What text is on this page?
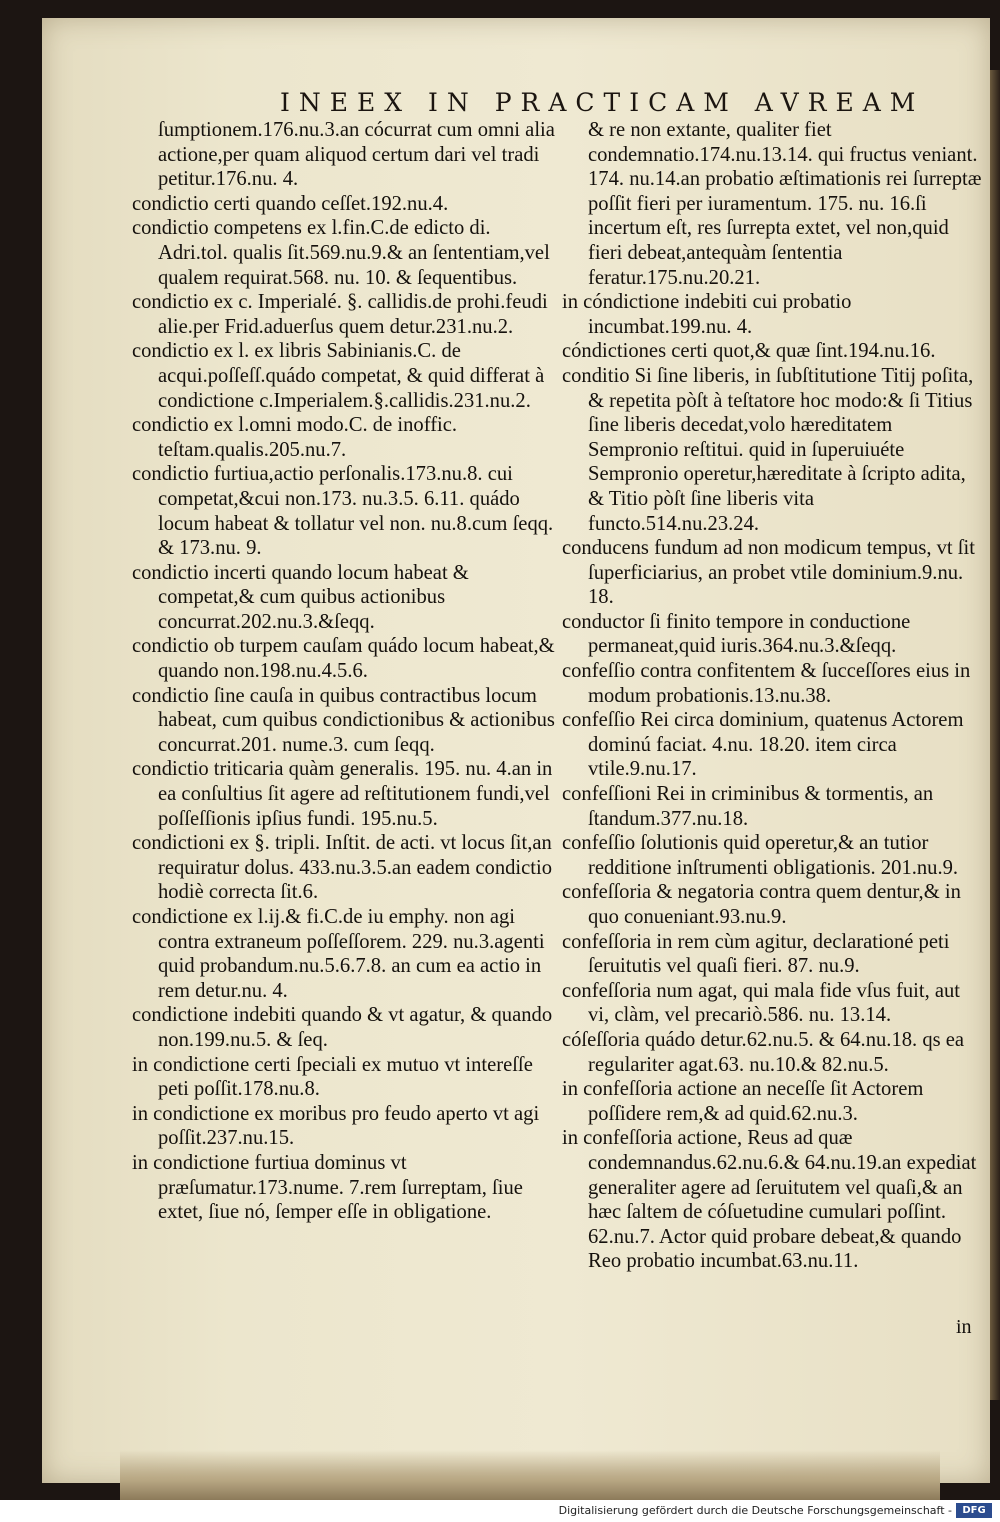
INEEX IN PRACTICAM AVREAM

ſumptionem.176.nu.3.an cócurrat cum omni alia actione,per quam aliquod certum dari vel tradi petitur.176.nu. 4.

condictio certi quando ceſſet.192.nu.4.

condictio competens ex l.fin.C.de edicto di. Adri.tol. qualis ſit.569.nu.9.& an ſententiam,vel qualem requirat.568. nu. 10. & ſequentibus.

condictio ex c. Imperialé. §. callidis.de prohi.feudi alie.per Frid.aduerſus quem detur.231.nu.2.

condictio ex l. ex libris Sabinianis.C. de acqui.poſſeſſ.quádo competat, & quid differat à condictione c.Imperialem.§.callidis.231.nu.2.

condictio ex l.omni modo.C. de inoffic. teſtam.qualis.205.nu.7.

condictio furtiua,actio perſonalis.173.nu.8. cui competat,&cui non.173. nu.3.5. 6.11. quádo locum habeat & tollatur vel non. nu.8.cum ſeqq. & 173.nu. 9.

condictio incerti quando locum habeat & competat,& cum quibus actionibus concurrat.202.nu.3.&ſeqq.

condictio ob turpem cauſam quádo locum habeat,& quando non.198.nu.4.5.6.

condictio ſine cauſa in quibus contractibus locum habeat, cum quibus condictionibus & actionibus concurrat.201. nume.3. cum ſeqq.

condictio triticaria quàm generalis. 195. nu. 4.an in ea conſultius ſit agere ad reſtitutionem fundi,vel poſſeſſionis ipſius fundi. 195.nu.5.

condictioni ex §. tripli. Inſtit. de acti. vt locus ſit,an requiratur dolus. 433.nu.3.5.an eadem condictio hodiè correcta ſit.6.

condictione ex l.ij.& fi.C.de iu emphy. non agi contra extraneum poſſeſſorem. 229. nu.3.agenti quid probandum.nu.5.6.7.8. an cum ea actio in rem detur.nu. 4.

condictione indebiti quando & vt agatur, & quando non.199.nu.5. & ſeq.

in condictione certi ſpeciali ex mutuo vt intereſſe peti poſſit.178.nu.8.

in condictione ex moribus pro feudo aperto vt agi poſſit.237.nu.15.

in condictione furtiua dominus vt præſumatur.173.nume. 7.rem ſurreptam, ſiue extet, ſiue nó, ſemper eſſe in obligatione.

& re non extante, qualiter fiet condemnatio.174.nu.13.14. qui fructus veniant. 174. nu.14.an probatio æſtimationis rei ſurreptæ poſſit fieri per iuramentum. 175. nu. 16.ſi incertum eſt, res ſurrepta extet, vel non,quid fieri debeat,antequàm ſententia feratur.175.nu.20.21.

in cóndictione indebiti cui probatio incumbat.199.nu. 4.

cóndictiones certi quot,& quæ ſint.194.nu.16.

conditio Si ſine liberis, in ſubſtitutione Titij poſita, & repetita pòſt à teſtatore hoc modo:& ſi Titius ſine liberis decedat,volo hæreditatem Sempronio reſtitui. quid in ſuperuiuéte Sempronio operetur,hæreditate à ſcripto adita, & Titio pòſt ſine liberis vita functo.514.nu.23.24.

conducens fundum ad non modicum tempus, vt ſit ſuperficiarius, an probet vtile dominium.9.nu. 18.

conductor ſi finito tempore in conductione permaneat,quid iuris.364.nu.3.&ſeqq.

confeſſio contra confitentem & ſucceſſores eius in modum probationis.13.nu.38.

confeſſio Rei circa dominium, quatenus Actorem dominú faciat. 4.nu. 18.20. item circa vtile.9.nu.17.

confeſſioni Rei in criminibus & tormentis, an ſtandum.377.nu.18.

confeſſio ſolutionis quid operetur,& an tutior redditione inſtrumenti obligationis. 201.nu.9.

confeſſoria & negatoria contra quem dentur,& in quo conueniant.93.nu.9.

confeſſoria in rem cùm agitur, declarationé peti ſeruitutis vel quaſi fieri. 87. nu.9.

confeſſoria num agat, qui mala fide vſus fuit, aut vi, clàm, vel precariò.586. nu. 13.14.

cóſeſſoria quádo detur.62.nu.5. & 64.nu.18. qs ea regulariter agat.63. nu.10.& 82.nu.5.

in confeſſoria actione an neceſſe ſit Actorem poſſidere rem,& ad quid.62.nu.3.

in confeſſoria actione, Reus ad quæ condemnandus.62.nu.6.& 64.nu.19.an expediat generaliter agere ad ſeruitutem vel quaſi,& an hæc ſaltem de cóſuetudine cumulari poſſint. 62.nu.7. Actor quid probare debeat,& quando Reo probatio incumbat.63.nu.11.

in
Digitalisierung gefördert durch die Deutsche Forschungsgemeinschaft -	DFG
